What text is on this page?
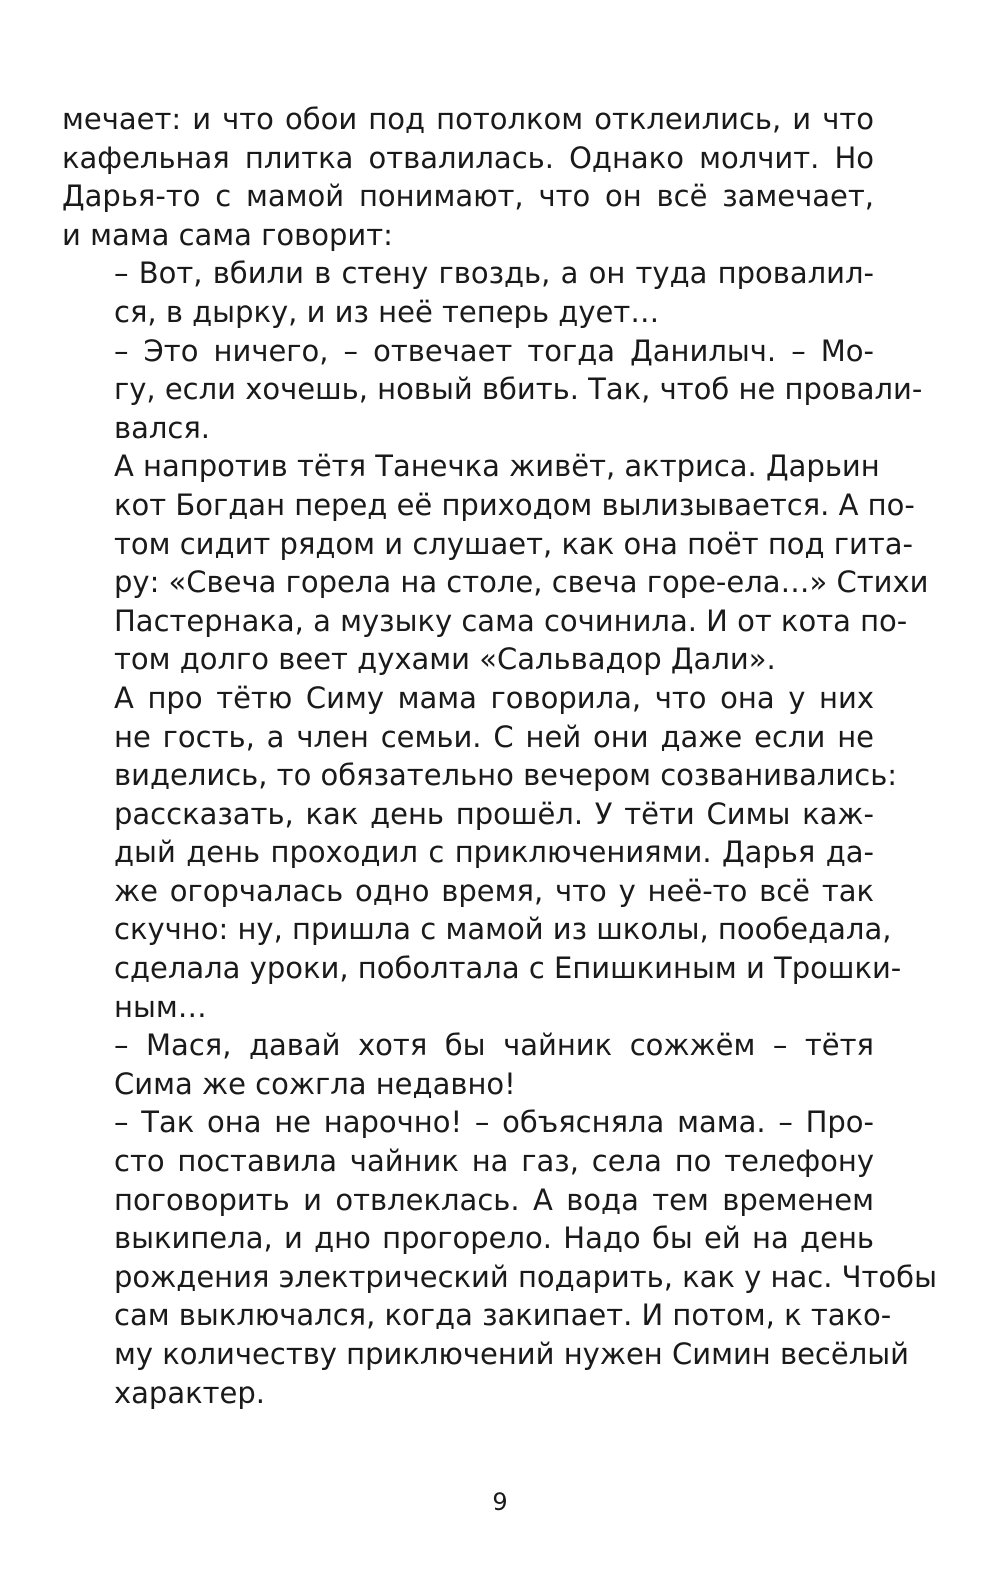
мечает: и что обои под потолком отклеились, и что
кафельная плитка отвалилась. Однако молчит. Но
Дарья-то с мамой понимают, что он всё замечает,
и мама сама говорит:

– Вот, вбили в стену гвоздь, а он туда провалил-
ся, в дырку, и из неё теперь дует…

– Это ничего, – отвечает тогда Данилыч. – Мо-
гу, если хочешь, новый вбить. Так, чтоб не провали-
вался.

А напротив тётя Танечка живёт, актриса. Дарьин
кот Богдан перед её приходом вылизывается. А по-
том сидит рядом и слушает, как она поёт под гита-
ру: «Свеча горела на столе, свеча горе-ела…» Стихи
Пастернака, а музыку сама сочинила. И от кота по-
том долго веет духами «Сальвадор Дали».

А про тётю Симу мама говорила, что она у них
не гость, а член семьи. С ней они даже если не
виделись, то обязательно вечером созванивались:
рассказать, как день прошёл. У тёти Симы каж-
дый день проходил с приключениями. Дарья да-
же огорчалась одно время, что у неё-то всё так
скучно: ну, пришла с мамой из школы, пообедала,
сделала уроки, поболтала с Епишкиным и Трошки-
ным…

– Мася, давай хотя бы чайник сожжём – тётя
Сима же сожгла недавно!

– Так она не нарочно! – объясняла мама. – Про-
сто поставила чайник на газ, села по телефону
поговорить и отвлеклась. А вода тем временем
выкипела, и дно прогорело. Надо бы ей на день
рождения электрический подарить, как у нас. Чтобы
сам выключался, когда закипает. И потом, к тако-
му количеству приключений нужен Симин весёлый
характер.

9
